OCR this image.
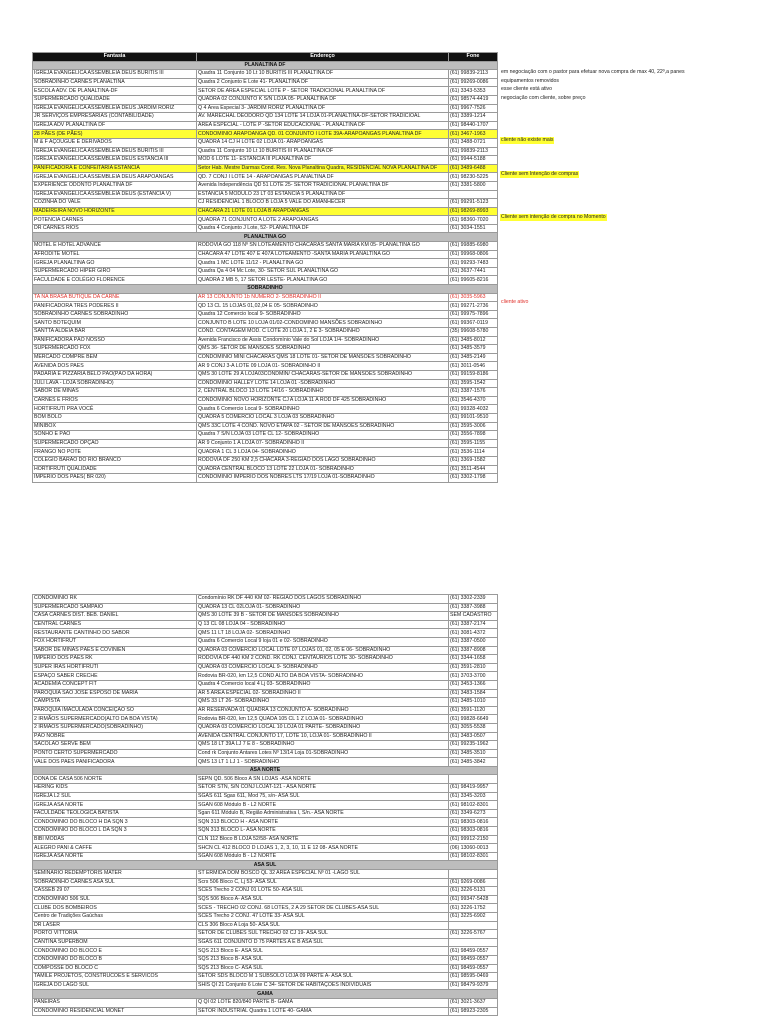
Fantasia	Endereço	Fone
PLANALTINA DF		
IGREJA EVANGELICA ASSEMBLEIA DEUS BURITIS III	Quadra 11 Conjunto 10 Lt 10 BURITIS III PLANALTINA DF	(61) 99839-2113
SOBRADINHO CARNES PLANALTINA	Quadra 2 Conjunto E Lote 41- PLANALTINA DF	(61) 99269-0086
ESCOLA ADV. DE PLANALTINA-DF	SETOR DE AREA ESPECIAL LOTE P - SETOR TRADICIONAL PLANALTINA DF	(61) 3343-5353
SUPERMERCADO QUALIDADE	QUADRA 02 CONJUNTO K S/N LOJA 05- PLANALTINA DF	(61) 98574-4419
IGREJA EVANGELICA ASSEMBLEIA DEUS JARDIM RORIZ	Q 4 Área Especial 3- JARDIM RORIZ PLANALTINA DF	(61) 9967-7526
JR SERVIÇOS EMPRESARIAS (CONTABILIDADE)	AV. MARECHAL DEODORO QD 134 LOTE 14 LOJA 01-PLANALTINA-DF-SETOR TRADICIOAL	(61) 3389-1214
IGREJA ADV PLANALTINA DF	AREA ESPECIAL - LOTE P -SETOR EDUCACIONAL - PLANALTINA DF	(61) 98440-1707
28 PÃES (DE PÃES)	CONDOMINIO ARAPOANGA QD. 01 CONJUNTO I LOTE 39A-ARAPOANGAS PLANALTINA DF	(61) 3467-1963
M & F AÇOUGUE E DERIVADOS	QUADRA 14 CJ H LOTE 02 LOJA 01- ARAPOANGAS	(61) 3488-0721
IGREJA EVANGELICA ASSEMBLEIA DEUS BURITIS III	Quadra 11 Conjunto 10 Lt 10 BURITIS III PLANALTINA DF	(61) 99839-2113
IGREJA EVANGELICA ASSEMBLEIA DEUS ESTANCIA III	MOD 6 LOTE 11- ESTANCIA III PLANALTINA DF	(61) 9944-5188
PANIFICADORA E CONFEITARIA ESTANCIA	Setor Hab. Mestre Darmas Cond. Res. Nova Planaltina Quadra, RESIDENCIAL NOVA PLANALTINA DF	(61) 3489-6488
IGREJA EVANGELICA ASSEMBLEIA DEUS ARAPOANGAS	QD. 7 CONJ I LOTE 14 - ARAPOANGAS PLANALTINA DF	(61) 98230-5225
EXPERIENCE ODONTO PLANALTINA DF	Avenida Independência QD 51 LOTE 25- SETOR TRADICIONAL PLANALTINA DF	(61) 3381-5800
IGREJA EVANGELICA ASSEMBLEIA DEUS (ESTANCIA V)	ESTANCIA 5 MODULO 23 LT 03 ESTANCIA 5 PLANALTINA DF	
COZINHA DO VALE	CJ RESIDENCIAL 1 BLOCO B LOJA 5 VALE DO AMANHECER	(61) 99291-5123
MADEIREIRA NOVO HORIZONTE	CHACARA 21 LOTE 01 LOJA B ARAPOANGAS	(61) 98269-8993
POTENCIA CARNES	QUADRA 71 CONJUNTO A LOTE 2 ARAPOANGAS	(61) 98360-7020
DR CARNES RIOS	Quadra 4 Conjunto J Lote, 52- PLANALTINA DF	(61) 3034-1551
PLANALTINA GO		
MOTEL E HOTEL ADVANCE	RODOVIA GO 118 Nº SN LOTEAMENTO CHACARAS SANTA MARIA KM 05- PLANALTINA GO	(61) 99885-6980
AFRODITE MOTEL	CHACARA 47 LOTE 407 E 407A LOTEAMENTO -SANTA MARIA PLANALTINA GO	(61) 99968-0806
IGREJA PLANALTINA GO	Quadra 1 MC LOTE 11/12 - PLANALTINA GO	(61) 99293-7483
SUPERMERCADO HIPER GIRO	Quadra Qa 4 04 Mc Lote, 30- SETOR SUL PLANALTINA GO	(61) 3637-7441
FACULDADE E COLÉGIO FLORENCE	QUADRA 2 MB 5, 17 SETOR LESTE- PLANALTINA GO	(61) 99605-8216
SOBRADINHO		
TA NA BRASA BUTIQUE DA CARNE	AR 13 CONJUNTO 1b NUMERO 2- SOBRADINHO II	(61) 3035-5963
PANIFICADORA TRES PODERES II	QD 13 CL 15 LOJAS 01,02,04 E 05- SOBRADINHO	(61) 99271-2736
SOBRADINHO CARNES SOBRADINHO	Quadra 12 Comercio local 9- SOBRADINHO	(61) 99975-7896
SANTO BOTEQUIM	CONJUNTO B LOTE 10 LOJA 01/02-CONDOMINIO MANSÕES SOBRADINHO	(61) 99367-0119
SANTTA ALDEIA BAR	COND. CONTAGEM MOD. C LOTE 20 LOJA 1, 2 E 3- SOBRADINHO	(35) 99608-5780
PANIFICADORA PÃO NOSSO	Avenida Francisco de Assis Condomínio Vale do Sol LOJA 1/4- SOBRADINHO	(61) 3485-8012
SUPERMERCADO FOX	QMS 36- SETOR DE MANSÕES SOBRADINHO	(61) 3485-3579
MERCADO COMPRE BEM	CONDOMINIO MINI CHACARAS QMS 18 LOTE 01- SETOR DE MANSÕES SOBRADINHO	(61) 3485-2149
AVENIDA DOS PAES	AR 9 CONJ 3-A LOTE 09 LOJA 01- SOBRADINHO II	(61) 3011-0546
PADARIA E PIZZARIA BELO PÃO(PÃO DA HORA)	QMS 30 LOTE 29 A LOJA03CONDMIN/ CHACARAS-SETOR DE MANSÕES SOBRADINHO	(61) 99159-8186
JULI LAVA - LOJA SOBRADINHO)	CONDOMINIO HALLEY LOTE 14 LOJA 01 -SOBRADINHO	(61) 3595-1542
SABOR DE MINAS	2, CENTRAL BLOCO 13 LOTE 14/16 - SOBRADINHO	(61) 3387-1576
CARNES E FRIOS	CONDOMINIO NOVO HORIZONTE CJ A LOJA 11 A ROD DF 425 SOBRADINHO	(61) 3546-4370
HORTIFRUTI PRA VOCÊ	Quadra 6 Comercio Local 9- SOBRADINHO	(61) 99328-4032
BOM BOLO	QUADRA 5 COMERCIO LOCAL 3 LOJA 03 SOBRADINHO	(61) 99101-9510
MINIBOX	QMS 33C LOTE 4 COND. NOVO ETAPA 02 - SETOR DE MANSÕES SOBRADINHO	(61) 3595-3006
SONHO E PÃO	Quadra 7 S/N LOJA 03 LOTE CL 12- SOBRADINHO	(61) 3556-7898
SUPERMERCADO OPÇÃO	AR 9 Conjunto 1 A LOJA 07- SOBRADINHO II	(61) 3595-1155
FRANGO NO POTE	QUADRA 1 CL 3 LOJA 04- SOBRADINHO	(61) 3536-1114
COLÉGIO BARÃO DO RIO BRANCO	RODOVIA DF 250 KM 2,5 CHACARA 3-REGIÃO DOS LAGO SOBRADINHO	(61) 3369-1582
HORTIFRUTI QUALIDADE	QUADRA CENTRAL BLOCO 13 LOTE 22 LOJA 01- SOBRADINHO	(61) 3511-4544
IMPERIO DOS PAES( BR 020)	CONDOMINIO IMPERIO DOS NOBRES LTS 17/19 LOJA 01-SOBRADINHO	(61) 3302-1798
em negociação com o pastor para efetuar nova compra de max 40, 22º,a panes
equipamentos removidos
esse cliente está ativo
negociação com cliente, sobre preço
cliente não existe mais
Cliente sem Intenção de compras
Cliente sem intenção de compra no Momento
cliente ativo
CONDOMINIO RK	Condomínio RK DF 440 KM 02- REGIÃO DOS LAGOS SOBRADINHO	(61) 3302-2339
SUPERMERCADO SAMPAIO	QUADRA 13 CL 02LOJA 01- SOBRADINHO	(61) 3387-3988
CASA CARNES DIST. BEB. DANIEL	QMS 30 LOTE 39 B - SETOR DE MANSOES SOBRADINHO	SEM CADASTRO
CENTRAL CARNES	Q 13 CL 08 LOJA 04 - SOBRADINHO	(61) 3387-2174
RESTAURANTE CANTINHO DO SABOR	QMS 11 LT 18 LOJA 02- SOBRADINHO	(61) 3081-4372
FOX HORTIFRUT	Quadra 6 Comercio Local 9 loja 01 e 02- SOBRADINHO	(61) 3387-0500
SABOR DE MINAS PÃES E COVINIEN	QUADRA 03 COMERCIO LOCAL LOTE 07 LOJAS 01, 02, 05 E 06- SOBRADINHO	(61) 3387-8908
IMPERIO DOS PÃES RK	RODOVIA DF 440 KM 2 COND. RK CONJ. CENTAURIOS LOTE 30- SOBRADINHO	(61) 3344-1658
SUPER IRAS HORTIFRUTI	QUADRA 03 COMERCIO LOCAL 9- SOBRADINHO	(61) 3591-2810
ESPAÇO SABER CRECHE	Rodovia BR-020, km 12,5 COND ALTO DA BOA VISTA- SOBRADINHO	(61) 3703-3700
ACADEMIA CONCEPT FIT	Quadra 4 Comercio local 4 Lj 03- SOBRADINHO	(61) 3453-1366
PAROQUIA SÃO JOSE ESPOSO DE MARIA	AR 5 AREA ESPECIAL 02- SOBRADINHO II	(61) 3483-1584
CAMPISTA	QMS 33 LT 26- SOBRADINHO	(61) 3485-1010
PAROQUIA IMACULADA CONCEIÇAO SO	AR RESERVADA 01 QUADRA 13 CONJUNTO A- SOBRADINHO	(61) 3591-1120
2 IRMÃOS SUPERMERCADO(ALTO DA BOA VISTA)	Rodovia BR-020, km 12,5 QUADA 105 CL 1 Z LOJA 01- SOBRADINHO	(61) 99828-6649
2 IRMÃOS SUPERMERCADO(SOBRADINHO)	QUADRA 03 COMERCIO LOCAL 10 LOJA 01 PARTE- SOBRADINHO	(61) 3055-5538
PÃO NOBRE	AVENIDA CENTRAL CONJUNTO 17, LOTE 10, LOJA 01- SOBRADINHO II	(61) 3483-0507
SACOLÃO SERVE BEM	QMS 18 LT 39A LJ 7 E 8 - SOBRADINHO	(61) 99235-1962
PONTO CERTO SUPERMERCADO	Cond rk Conjunto Antares Lotes Nº 13/14 Loja 01-SOBRADINHO	(61) 3485-3510
VALE DOS PAES PANIFICADORA	QMS 13 LT 1 LJ 1 - SOBRADINHO	(61) 3485-3842
ASA NORTE		
DONA DE CASA 506 NORTE	SEPN QD. 506 Bloco A SN LOJAS -ASA NORTE	
HERING KIDS	SETOR STN, S/N CONJ LOJAT-121 - ASA NORTE	(61) 98419-9957
IGREJA L2 SUL	SGAS 611 Sgas 611, Mod 75, s/n- ASA SUL	(61) 3345-3203
IGREJA ASA NORTE	SGAN 608 Módulo B - L2 NORTE	(61) 98102-8301
FACULDADE TEOLOGICA BATISTA	Sgan 611 Módulo B, Região Administrativa I, S/n.- ASA NORTE	(61) 3349-6273
CONDOMINIO DO BLOCO H DA SQN 3	SQN 313 BLOCO H - ASA NORTE	(61) 98303-0816
CONDOMINIO DO BLOCO L DA SQN 3	SQN 313 BLOCO L- ASA NORTE	(61) 98303-0816
BIBI MODAS	CLN 112 Bloco B LOJA 52/58- ASA NORTE	(61) 99912-2150
ALEGRO PANI & CAFFE	SHCN CL 412 BLOCO D LOJAS 1, 2, 3, 10, 11 E 12 08- ASA NORTE	(06) 13060-0013
IGREJA ASA NORTE	SGAN 608 Módulo B - L2 NORTE	(61) 98102-8301
ASA SUL		
SEMINARIO REDEMPTORIS MATER	ST ERMIDA DOM BOSCO QL 32 AREA ESPECIAL Nº 01 -LAGO SUL	
SOBRADINHO CARNES ASA SUL	Scrs 506 Bloco C, Lj 53- ASA SUL	(61) 9269-0086
CASSEB 29 07	SCES Trecho 2 CONJ 01 LOTE 50- ASA SUL	(61) 3226-5131
CONDOMINIO 506 SUL	SQS 506 Bloco A- ASA SUL	(61) 99347-5428
CLUBE DOS BOMBEIROS	SCES - TRECHO 02 CONJ. 68 LOTES, 2 A 29 SETOR DE CLUBES-ASA SUL	(61) 3226-1752
Centro de Tradições Gaúchas	SCES Trecho 2 CONJ. 47 LOTE 33- ASA SUL	(61) 3225-6902
DR LASER	CLS 306 Bloco A Loja 50- ASA SUL	
PORTO VITTORIA	SETOR DE CLUBES SUL TRECHO 02 CJ 19- ASA SUL	(61) 3226-5767
CANTINA SUPERBOM	SGAS 611 CONJUNTO D 75 PARTES A E B ASA SUL	
CONDOMINIO DO BLOCO E	SQS 213 Bloco E- ASA SUL	(61) 98459-0557
CONDOMINIO DO BLOCO B	SQS 213 Bloco B- ASA SUL	(61) 98459-0557
COMPOSSE DO BLOCO C	SQS 213 Bloco C- ASA SUL	(61) 98459-0557
TAMILE PROJETOS, CONSTRUCOES E SERVICOS	SETOR SDS BLOCO M 1 SUBSOLO LOJA 09 PARTE A- ASA SUL	(61) 98595-0469
IGREJA DO LAGO SUL	SHIS QI 21 Conjunto 6 Lote C 34- SETOR DE HABITAÇÕES INDIVIDUAIS	(61) 98479-9379
GAMA		
PANEIRAS	Q QI 02 LOTE 820/840 PARTE B- GAMA	(61) 3021-3637
CONDOMINIO RESIDENCIAL MONET	SETOR INDUSTRIAL Quadra 1 LOTE 40- GAMA	(61) 98923-2305
